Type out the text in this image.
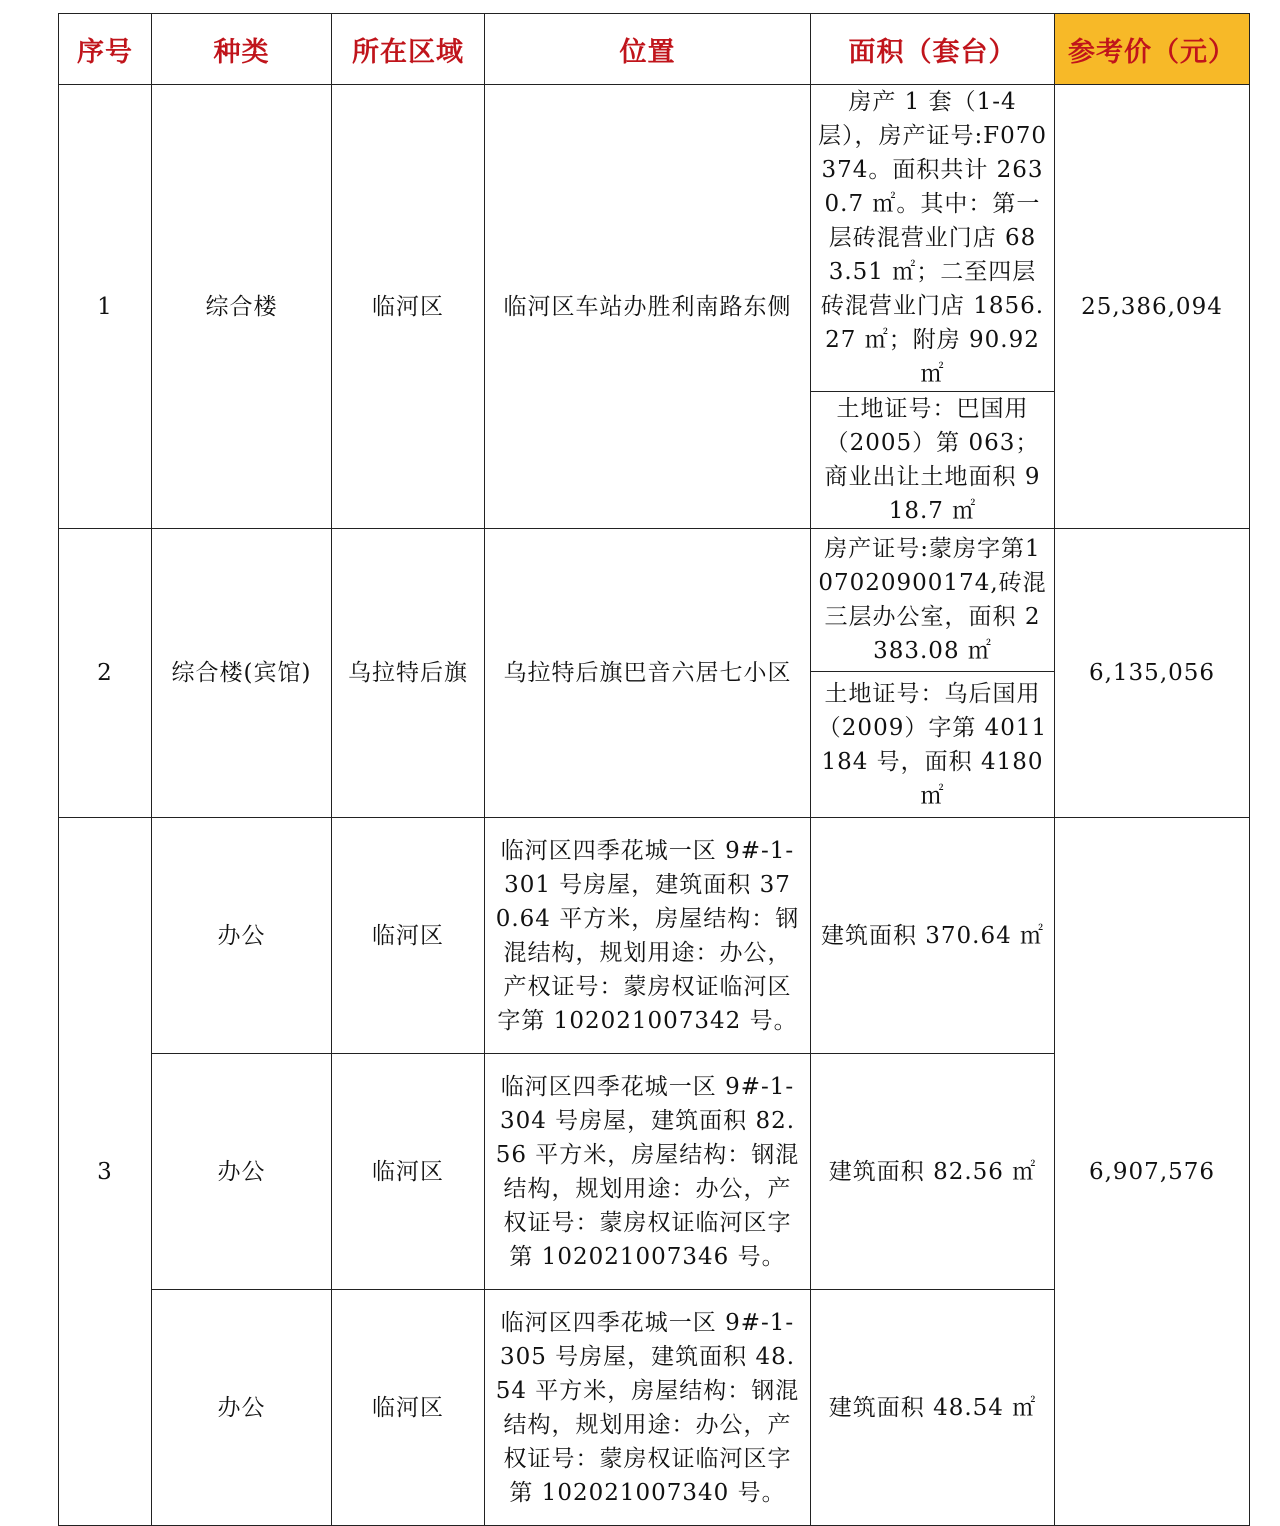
序号	种类	所在区域	位置	面积（套台）	参考价（元）
1	综合楼	临河区	临河区车站办胜利南路东侧	房产 1 套（1-4 层），房产证号:F070374。面积共计 2630.7 ㎡。其中：第一层砖混营业门店 683.51 ㎡；二至四层砖混营业门店 1856.27 ㎡；附房 90.92 ㎡	25,386,094
				土地证号：巴国用（2005）第 063；商业出让土地面积 918.7 ㎡	
2	综合楼(宾馆)	乌拉特后旗	乌拉特后旗巴音六居七小区	房产证号:蒙房字第107020900174,砖混三层办公室，面积 2383.08 ㎡	6,135,056
				土地证号：乌后国用（2009）字第 4011184 号，面积 4180 ㎡	
3	办公	临河区	临河区四季花城一区 9#-1-301 号房屋，建筑面积 370.64 平方米，房屋结构：钢混结构，规划用途：办公，产权证号：蒙房权证临河区字第 102021007342 号。	建筑面积 370.64 ㎡	6,907,576
	办公	临河区	临河区四季花城一区 9#-1-304 号房屋，建筑面积 82.56 平方米，房屋结构：钢混结构，规划用途：办公，产权证号：蒙房权证临河区字第 102021007346 号。	建筑面积 82.56 ㎡	
	办公	临河区	临河区四季花城一区 9#-1-305 号房屋，建筑面积 48.54 平方米，房屋结构：钢混结构，规划用途：办公，产权证号：蒙房权证临河区字第 102021007340 号。	建筑面积 48.54 ㎡	
